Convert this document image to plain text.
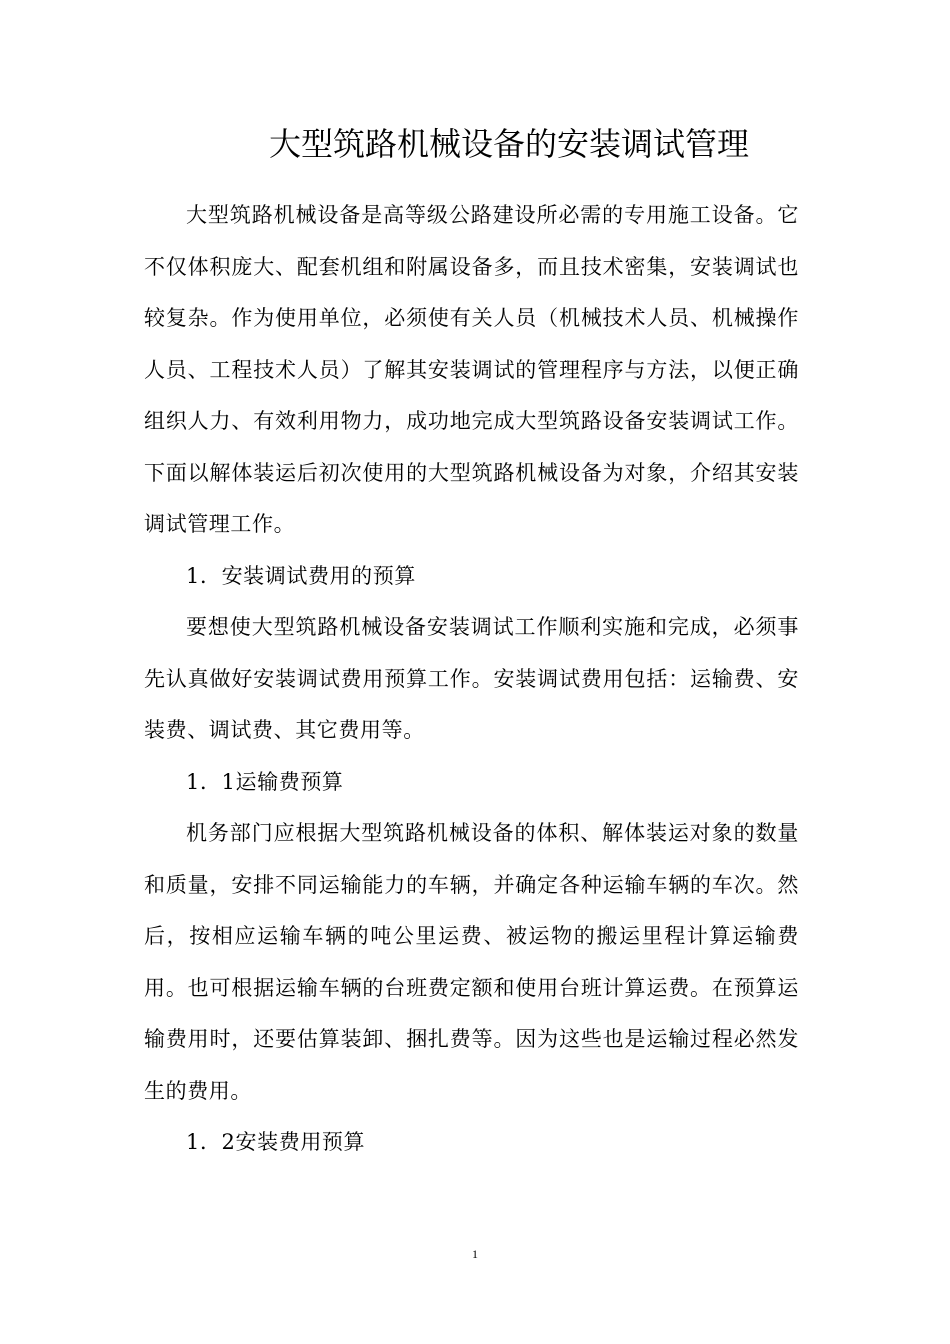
大型筑路机械设备的安装调试管理

大型筑路机械设备是高等级公路建设所必需的专用施工设备。它不仅体积庞大、配套机组和附属设备多，而且技术密集，安装调试也较复杂。作为使用单位，必须使有关人员（机械技术人员、机械操作人员、工程技术人员）了解其安装调试的管理程序与方法，以便正确组织人力、有效利用物力，成功地完成大型筑路设备安装调试工作。下面以解体装运后初次使用的大型筑路机械设备为对象，介绍其安装调试管理工作。

1．安装调试费用的预算

要想使大型筑路机械设备安装调试工作顺利实施和完成，必须事先认真做好安装调试费用预算工作。安装调试费用包括：运输费、安装费、调试费、其它费用等。

1．1运输费预算

机务部门应根据大型筑路机械设备的体积、解体装运对象的数量和质量，安排不同运输能力的车辆，并确定各种运输车辆的车次。然后，按相应运输车辆的吨公里运费、被运物的搬运里程计算运输费用。也可根据运输车辆的台班费定额和使用台班计算运费。在预算运输费用时，还要估算装卸、捆扎费等。因为这些也是运输过程必然发生的费用。

1．2安装费用预算

1
